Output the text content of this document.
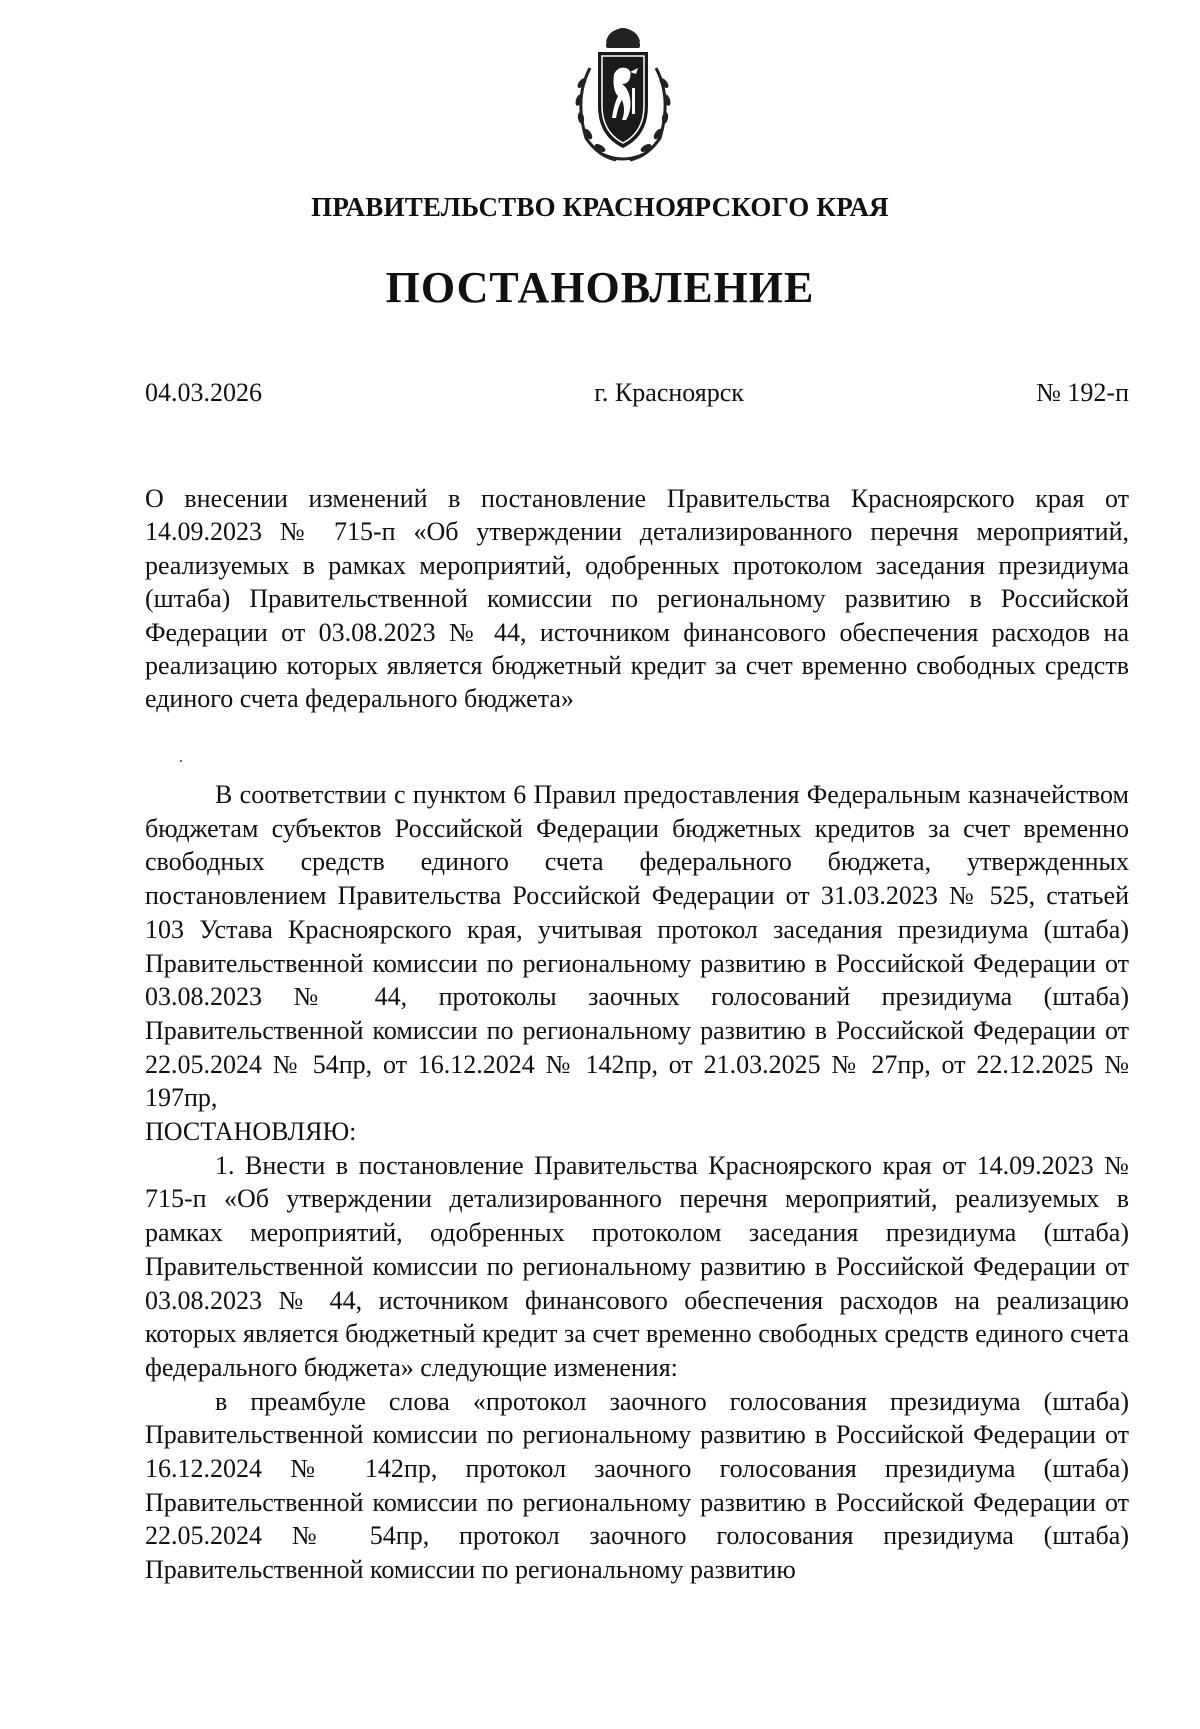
ПРАВИТЕЛЬСТВО КРАСНОЯРСКОГО КРАЯ
ПОСТАНОВЛЕНИЕ
04.03.2026	г. Красноярск	№ 192-п
О внесении изменений в постановление Правительства Красноярского края от 14.09.2023 № 715-п «Об утверждении детализированного перечня мероприятий, реализуемых в рамках мероприятий, одобренных протоколом заседания президиума (штаба) Правительственной комиссии по региональному развитию в Российской Федерации от 03.08.2023 № 44, источником финансового обеспечения расходов на реализацию которых является бюджетный кредит за счет временно свободных средств единого счета федерального бюджета»

В соответствии с пунктом 6 Правил предоставления Федеральным казначейством бюджетам субъектов Российской Федерации бюджетных кредитов за счет временно свободных средств единого счета федерального бюджета, утвержденных постановлением Правительства Российской Федерации от 31.03.2023 № 525, статьей 103 Устава Красноярского края, учитывая протокол заседания президиума (штаба) Правительственной комиссии по региональному развитию в Российской Федерации от 03.08.2023 № 44, протоколы заочных голосований президиума (штаба) Правительственной комиссии по региональному развитию в Российской Федерации от 22.05.2024 № 54пр, от 16.12.2024 № 142пр, от 21.03.2025 № 27пр, от 22.12.2025 № 197пр,
ПОСТАНОВЛЯЮ:

1. Внести в постановление Правительства Красноярского края от 14.09.2023 № 715-п «Об утверждении детализированного перечня мероприятий, реализуемых в рамках мероприятий, одобренных протоколом заседания президиума (штаба) Правительственной комиссии по региональному развитию в Российской Федерации от 03.08.2023 № 44, источником финансового обеспечения расходов на реализацию которых является бюджетный кредит за счет временно свободных средств единого счета федерального бюджета» следующие изменения:

в преамбуле слова «протокол заочного голосования президиума (штаба) Правительственной комиссии по региональному развитию в Российской Федерации от 16.12.2024 № 142пр, протокол заочного голосования президиума (штаба) Правительственной комиссии по региональному развитию в Российской Федерации от 22.05.2024 № 54пр, протокол заочного голосования президиума (штаба) Правительственной комиссии по региональному развитию
